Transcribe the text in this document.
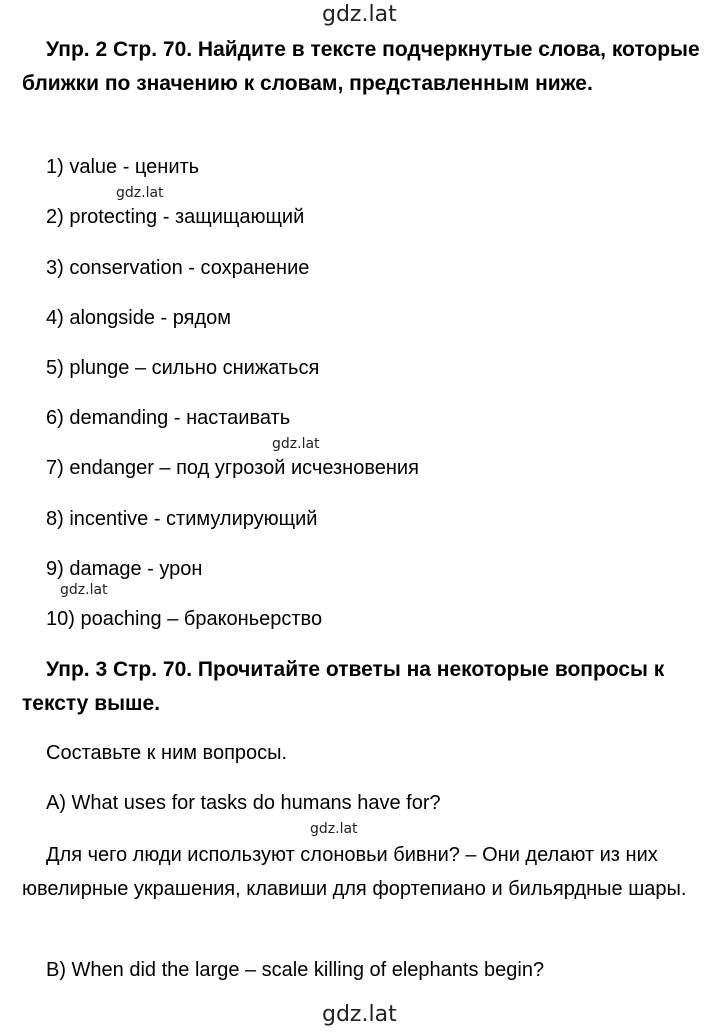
gdz.lat
Упр. 2 Стр. 70. Найдите в тексте подчеркнутые слова, которые ближки по значению к словам, представленным ниже.
1) value - ценить
gdz.lat
2) protecting - защищающий
3) conservation - сохранение
4) alongside - рядом
5) plunge – сильно снижаться
6) demanding - настаивать
gdz.lat
7) endanger – под угрозой исчезновения
8) incentive - стимулирующий
9) damage - урон
gdz.lat
10) poaching – браконьерство
Упр. 3 Стр. 70. Прочитайте ответы на некоторые вопросы к тексту выше.
Составьте к ним вопросы.
A) What uses for tasks do humans have for?
gdz.lat
Для чего люди используют слоновьи бивни? – Они делают из них ювелирные украшения, клавиши для фортепиано и бильярдные шары.
B) When did the large – scale killing of elephants begin?
gdz.lat
